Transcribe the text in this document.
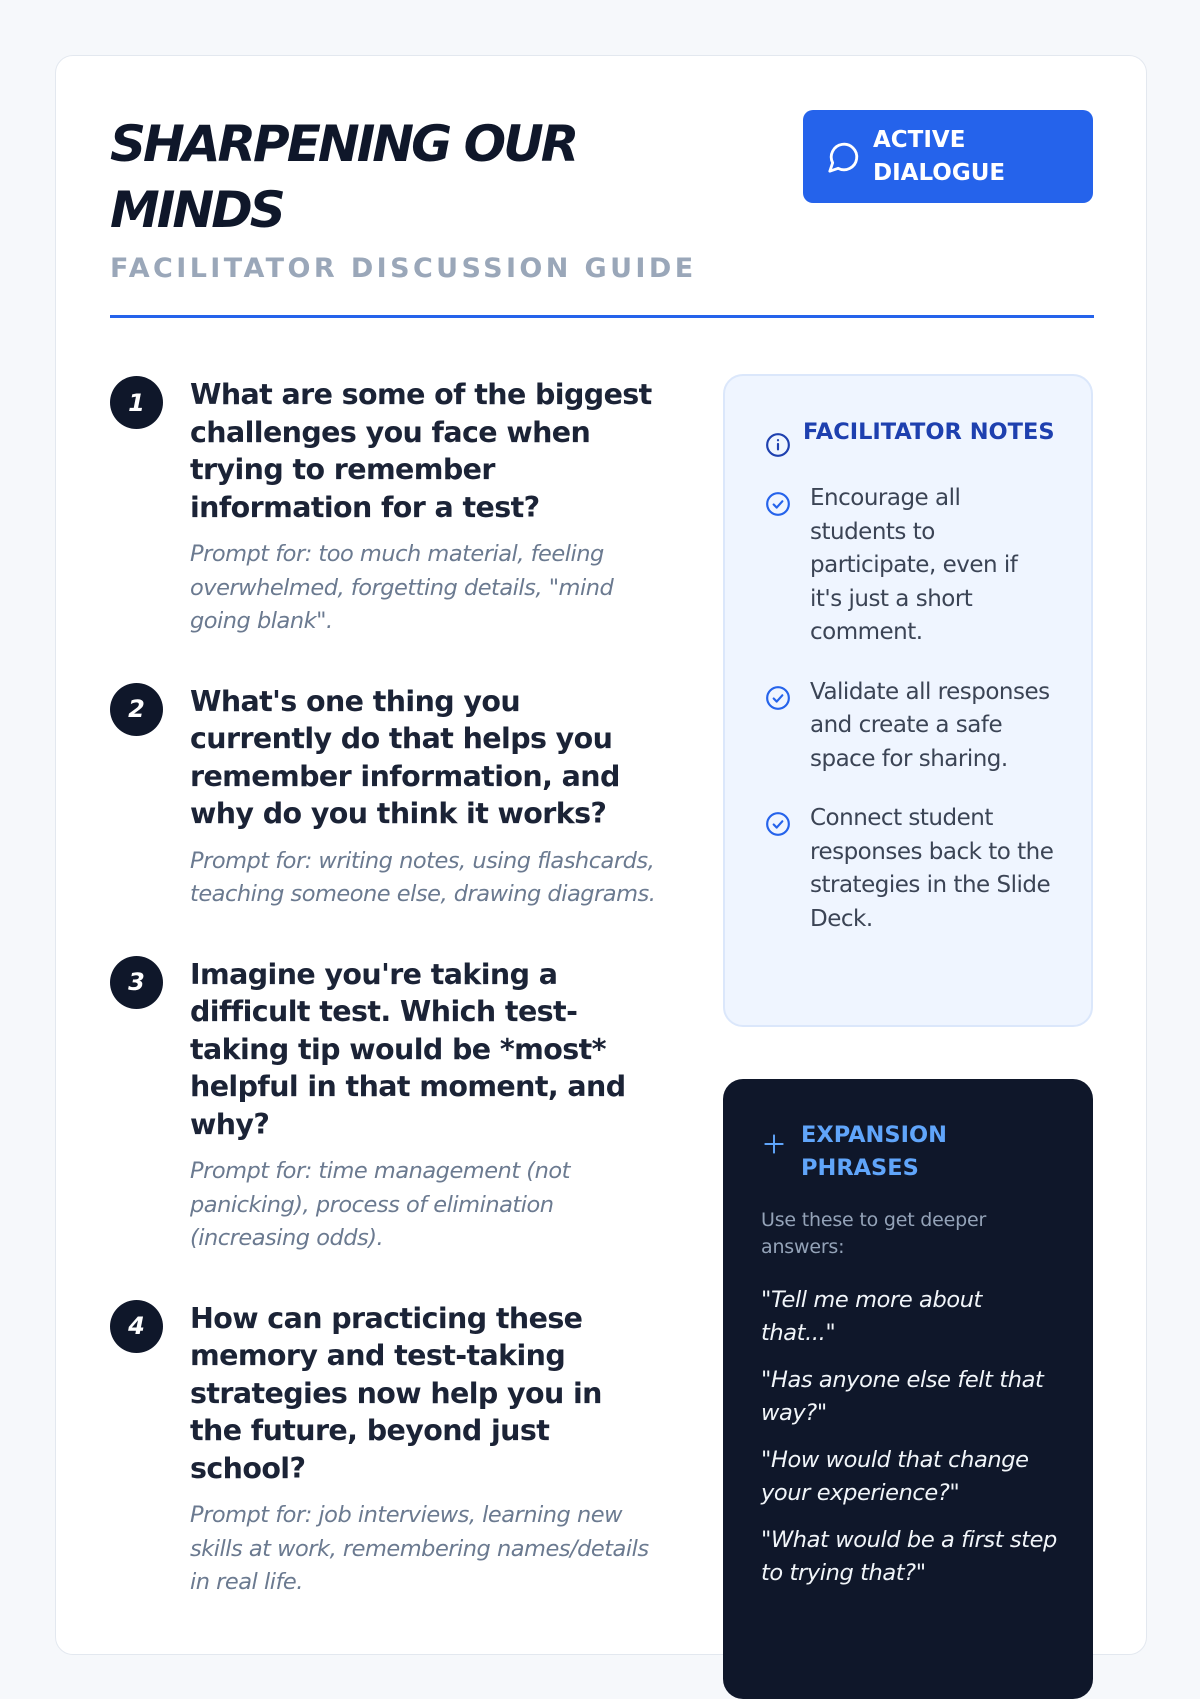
SHARPENING OUR MINDS
FACILITATOR DISCUSSION GUIDE
ACTIVE DIALOGUE
1	What are some of the biggest challenges you face when trying to remember information for a test?
Prompt for: too much material, feeling overwhelmed, forgetting details, "mind going blank".
2	What's one thing you currently do that helps you remember information, and why do you think it works?
Prompt for: writing notes, using flashcards, teaching someone else, drawing diagrams.
3	Imagine you're taking a difficult test. Which test-taking tip would be *most* helpful in that moment, and why?
Prompt for: time management (not panicking), process of elimination (increasing odds).
4	How can practicing these memory and test-taking strategies now help you in the future, beyond just school?
Prompt for: job interviews, learning new skills at work, remembering names/details in real life.
FACILITATOR NOTES
Encourage all students to participate, even if it's just a short comment.
Validate all responses and create a safe space for sharing.
Connect student responses back to the strategies in the Slide Deck.
EXPANSION PHRASES
Use these to get deeper answers:
"Tell me more about that..."
"Has anyone else felt that way?"
"How would that change your experience?"
"What would be a first step to trying that?"
